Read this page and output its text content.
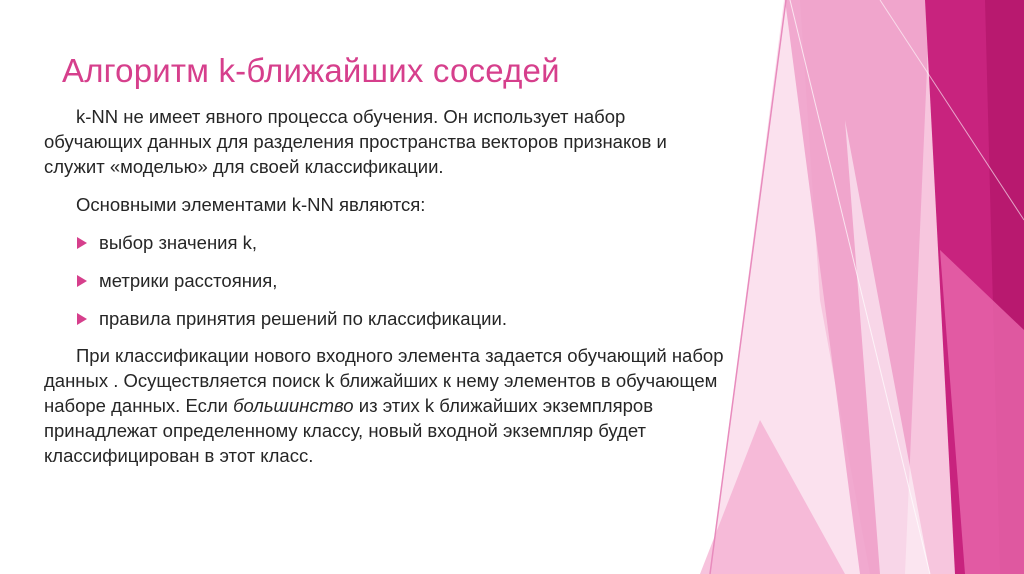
Алгоритм k-ближайших соседей

k-NN не имеет явного процесса обучения. Он использует набор обучающих данных для разделения пространства векторов признаков и служит «моделью» для своей классификации.

Основными элементами k-NN являются:

выбор значения k,
метрики расстояния,
правила принятия решений по классификации.

При классификации нового входного элемента задается обучающий набор данных . Осуществляется поиск k ближайших к нему элементов в обучающем наборе данных. Если большинство из этих k ближайших экземпляров принадлежат определенному классу, новый входной экземпляр будет классифицирован в этот класс.
